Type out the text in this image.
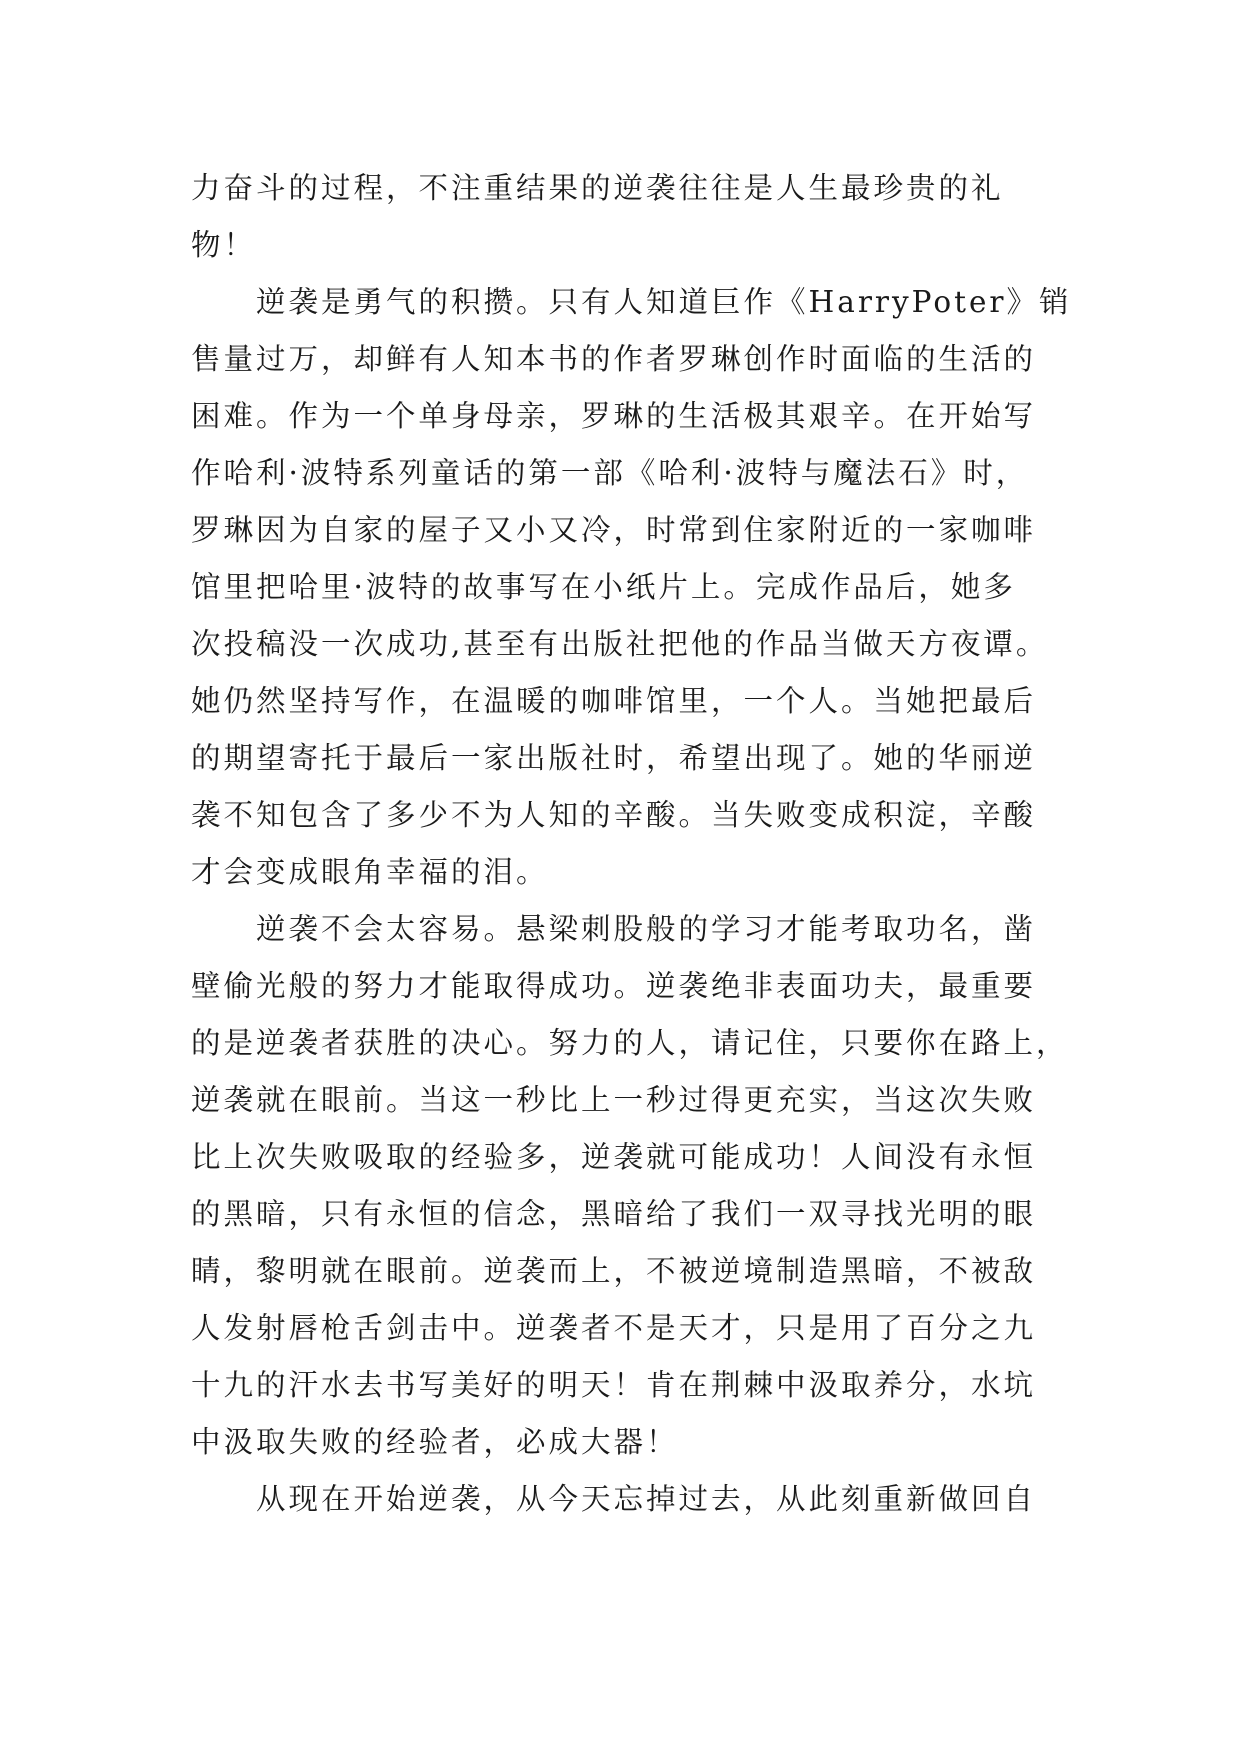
力奋斗的过程，不注重结果的逆袭往往是人生最珍贵的礼
物！
逆袭是勇气的积攒。只有人知道巨作《HarryPoter》销
售量过万，却鲜有人知本书的作者罗琳创作时面临的生活的
困难。作为一个单身母亲，罗琳的生活极其艰辛。在开始写
作哈利·波特系列童话的第一部《哈利·波特与魔法石》时，
罗琳因为自家的屋子又小又冷，时常到住家附近的一家咖啡
馆里把哈里·波特的故事写在小纸片上。完成作品后，她多
次投稿没一次成功,甚至有出版社把他的作品当做天方夜谭。
她仍然坚持写作，在温暖的咖啡馆里，一个人。当她把最后
的期望寄托于最后一家出版社时，希望出现了。她的华丽逆
袭不知包含了多少不为人知的辛酸。当失败变成积淀，辛酸
才会变成眼角幸福的泪。
逆袭不会太容易。悬梁刺股般的学习才能考取功名，凿
壁偷光般的努力才能取得成功。逆袭绝非表面功夫，最重要
的是逆袭者获胜的决心。努力的人，请记住，只要你在路上，
逆袭就在眼前。当这一秒比上一秒过得更充实，当这次失败
比上次失败吸取的经验多，逆袭就可能成功！人间没有永恒
的黑暗，只有永恒的信念，黑暗给了我们一双寻找光明的眼
睛，黎明就在眼前。逆袭而上，不被逆境制造黑暗，不被敌
人发射唇枪舌剑击中。逆袭者不是天才，只是用了百分之九
十九的汗水去书写美好的明天！肯在荆棘中汲取养分，水坑
中汲取失败的经验者，必成大器！
从现在开始逆袭，从今天忘掉过去，从此刻重新做回自
